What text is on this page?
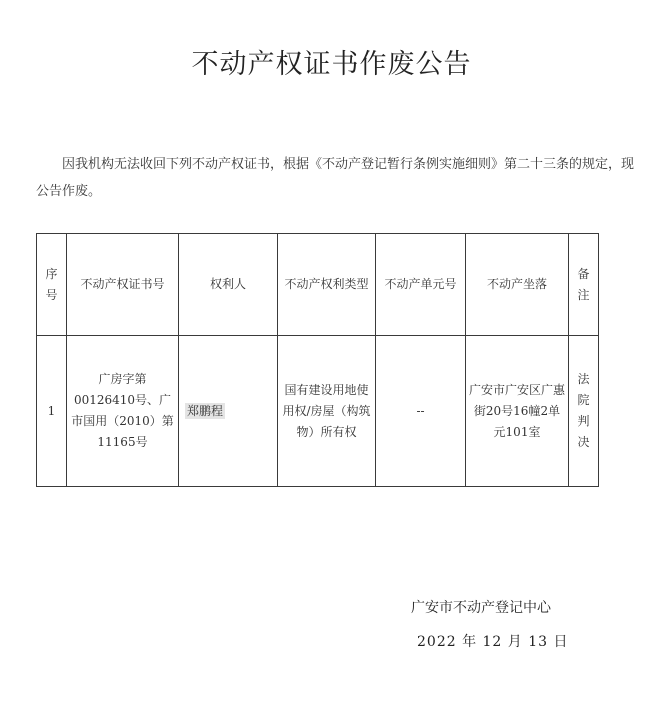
不动产权证书作废公告
因我机构无法收回下列不动产权证书，根据《不动产登记暂行条例实施细则》第二十三条的规定，现公告作废。
序号	不动产权证书号	权利人	不动产权利类型	不动产单元号	不动产坐落	备注
1	广房字第00126410号、广市国用（2010）第11165号	郑鹏程	国有建设用地使用权/房屋（构筑物）所有权	--	广安市广安区广惠街20号16幢2单元101室	法院判决
广安市不动产登记中心
2022 年 12 月 13 日
